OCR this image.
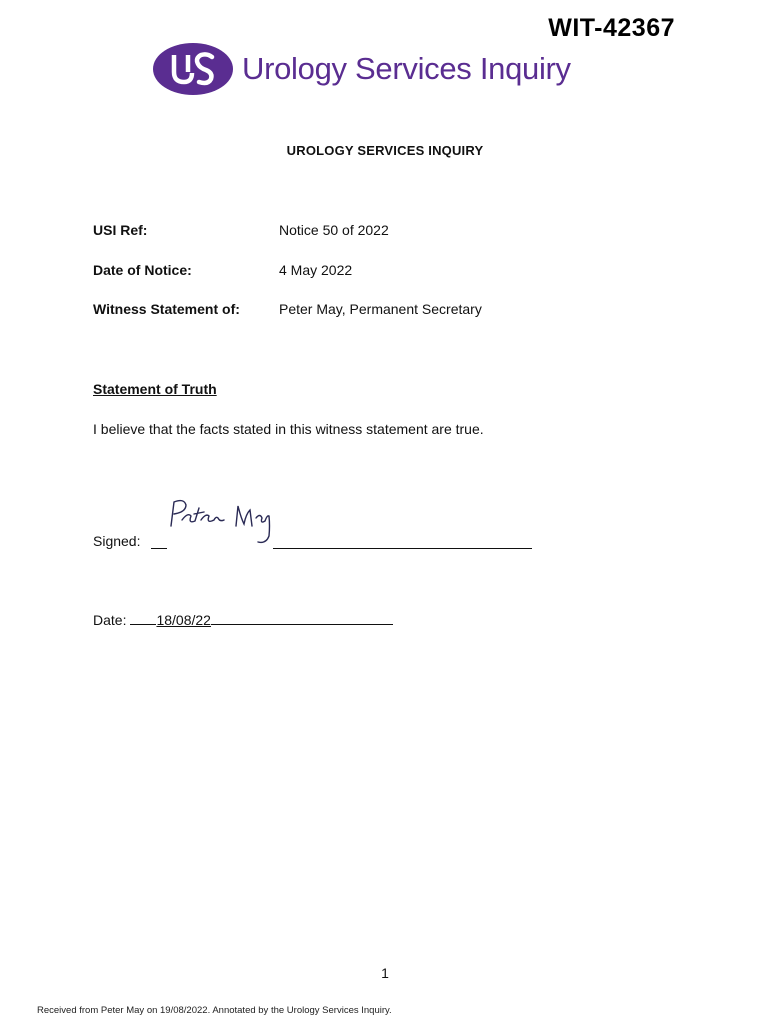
WIT-42367
Urology Services Inquiry
UROLOGY SERVICES INQUIRY
USI Ref:	Notice 50 of 2022
Date of Notice:	4 May 2022
Witness Statement of:	Peter May, Permanent Secretary
Statement of Truth
I believe that the facts stated in this witness statement are true.
Signed:
Date: 18/08/22
1
Received from Peter May on 19/08/2022. Annotated by the Urology Services Inquiry.
